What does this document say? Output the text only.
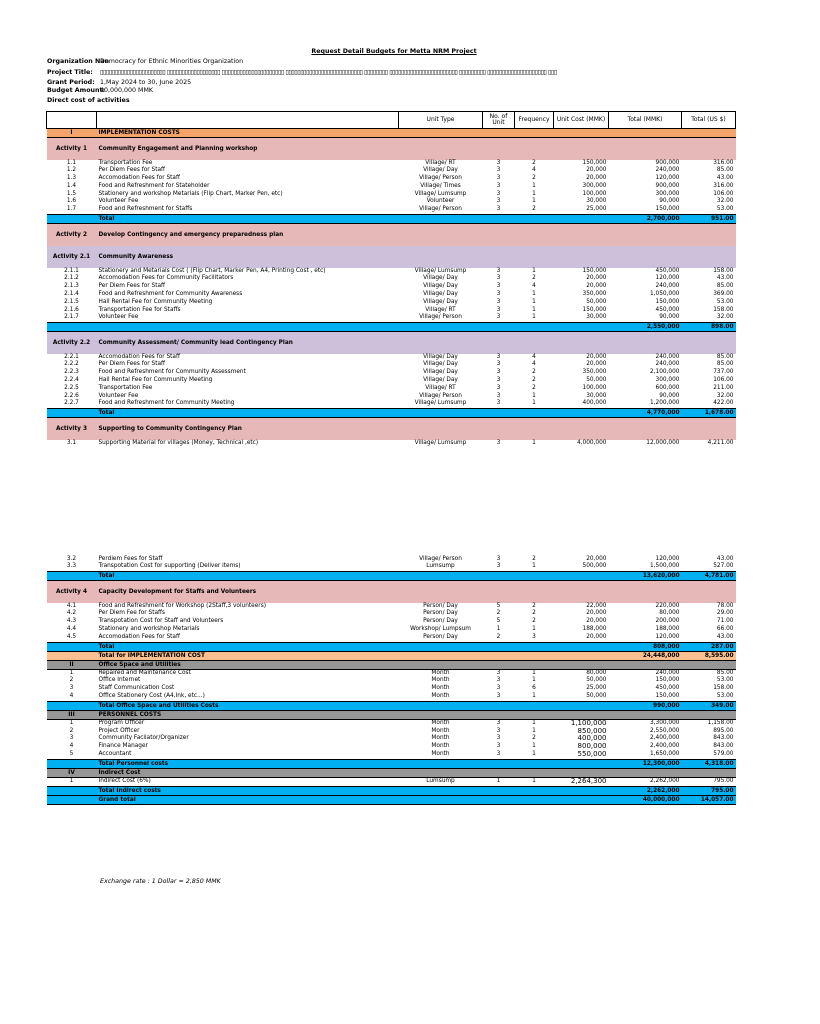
Request Detail Budgets for Metta NRM Project
Organization NanDemocracy for Ethnic Minorities Organization
Project Title: ▯▯▯▯▯▯▯▯▯▯▯▯▯▯▯▯▯▯▯▯▯▯ ▯▯▯▯▯▯▯▯▯▯▯▯▯▯▯▯▯▯ ▯▯▯▯▯▯▯▯▯▯▯▯▯▯▯▯▯▯▯▯▯ ▯▯▯▯▯▯▯▯▯▯▯▯▯▯▯▯▯▯▯▯▯▯▯▯▯▯ ▯▯▯▯▯▯▯▯ ▯▯▯▯▯▯▯▯▯▯▯▯▯▯▯▯▯▯▯▯▯▯▯ ▯▯▯▯▯▯▯▯▯ ▯▯▯▯▯▯▯▯▯▯▯▯▯▯▯▯▯▯▯▯ ▯▯▯
Grant Period: 1,May 2024 to 30, June 2025
Budget Amount:40,000,000 MMK
Direct cost of activities
		Unit Type	No. of Unit	Frequency	Unit Cost (MMK)	Total (MMK)	Total (US $)
I	IMPLEMENTATION COSTS						
Activity 1	Community Engagement and Planning workshop						
1.1	Transportation Fee	Village/ RT	3	2	150,000	900,000	316.00
1.2	Per Diem Fees for Staff	Village/ Day	3	4	20,000	240,000	85.00
1.3	Accomodation Fees for Staff	Village/ Person	3	2	20,000	120,000	43.00
1.4	Food and Refreshment for Stateholder	Village/ Times	3	1	300,000	900,000	316.00
1.5	Stationery and workshop Metarials (Flip Chart, Marker Pen, etc)	Village/ Lumsump	3	1	100,000	300,000	106.00
1.6	Volunteer Fee	Volunteer	3	1	30,000	90,000	32.00
1.7	Food and Refreshment for Staffs	Village/ Person	3	2	25,000	150,000	53.00
	Total					2,700,000	951.00
Activity 2	Develop Contingency and emergency preparedness plan						
Activity 2.1	Community Awareness						
2.1.1	Stationery and Metarials Cost ( (Flip Chart, Marker Pen, A4, Printing Cost , etc)	Village/ Lumsump	3	1	150,000	450,000	158.00
2.1.2	Accomodation Fees for Community Facilitators	Village/ Day	3	2	20,000	120,000	43.00
2.1.3	Per Diem Fees for Staff	Village/ Day	3	4	20,000	240,000	85.00
2.1.4	Food and Refreshment for Community Awareness	Village/ Day	3	1	350,000	1,050,000	369.00
2.1.5	Hall Rental Fee for Community Meeting	Village/ Day	3	1	50,000	150,000	53.00
2.1.6	Transportation Fee for Staffs	Village/ RT	3	1	150,000	450,000	158.00
2.1.7	Volunteer Fee	Village/ Person	3	1	30,000	90,000	32.00
						2,550,000	898.00
Activity 2.2	Community Assessment/ Community lead Contingency Plan						
2.2.1	Accomodation Fees for Staff	Village/ Day	3	4	20,000	240,000	85.00
2.2.2	Per Diem Fees for Staff	Village/ Day	3	4	20,000	240,000	85.00
2.2.3	Food and Refreshment for Community Assessment	Village/ Day	3	2	350,000	2,100,000	737.00
2.2.4	Hall Rental Fee for Community Meeting	Village/ Day	3	2	50,000	300,000	106.00
2.2.5	Transportation Fee	Village/ RT	3	2	100,000	600,000	211.00
2.2.6	Volunteer Fee	Village/ Person	3	1	30,000	90,000	32.00
2.2.7	Food and Refreshment for Community Meeting	Village/ Lumsump	3	1	400,000	1,200,000	422.00
	Total					4,770,000	1,678.00
Activity 3	Supporting to Community Contingency Plan						

3.1	Supporting Material for villages (Money, Technical ,etc)	Village/ Lumsump	3	1	4,000,000	12,000,000	4,211.00

3.2	Perdiem Fees for Staff	Village/ Person	3	2	20,000	120,000	43.00
3.3	Transpotation Cost for supporting (Deliver items)	Lumsump	3	1	500,000	1,500,000	527.00
	Total					13,620,000	4,781.00
Activity 4	Capacity Development for Staffs and Volunteers						
4.1	Food and Refreshment for Workshop (2Staff,3 volunteers)	Person/ Day	5	2	22,000	220,000	78.00
4.2	Per Diem Fee for Staffs	Person/ Day	2	2	20,000	80,000	29.00
4.3	Transpotation Cost for Staff and Volunteers	Person/ Day	5	2	20,000	200,000	71.00
4.4	Stationery and workshop Metarials	Workshop/ Lumpsum	1	1	188,000	188,000	66.00
4.5	Accomodation Fees for Staff	Person/ Day	2	3	20,000	120,000	43.00
	Total					808,000	287.00
	Total for IMPLEMENTATION COST					24,448,000	8,595.00
II	Office Space and Utilities						
1	Repaired and Maintenance Cost	Month	3	1	80,000	240,000	85.00
2	Office Internet	Month	3	1	50,000	150,000	53.00
3	Staff Communication Cost	Month	3	6	25,000	450,000	158.00
4	Office Stationery Cost (A4,Ink, etc...)	Month	3	1	50,000	150,000	53.00
	Total Office Space and Utilities Costs					990,000	349.00
III	PERSONNEL COSTS						
1	Program Officer	Month	3	1	1,100,000	3,300,000	1,158.00
2	Project Officer	Month	3	1	850,000	2,550,000	895.00
3	Community Facilator/Organizer	Month	3	2	400,000	2,400,000	843.00
4	Finance Manager	Month	3	1	800,000	2,400,000	843.00
5	Accountant	Month	3	1	550,000	1,650,000	579.00
	Total Personnel costs					12,300,000	4,318.00
IV	Indirect Cost						
1	Indirect Cost (6%)	Lumsump	1	1	2,264,300	2,262,000	795.00
	Total Indirect costs					2,262,000	795.00
	Grand total					40,000,000	14,057.00
Exchange rate : 1 Dollar = 2,850 MMK
